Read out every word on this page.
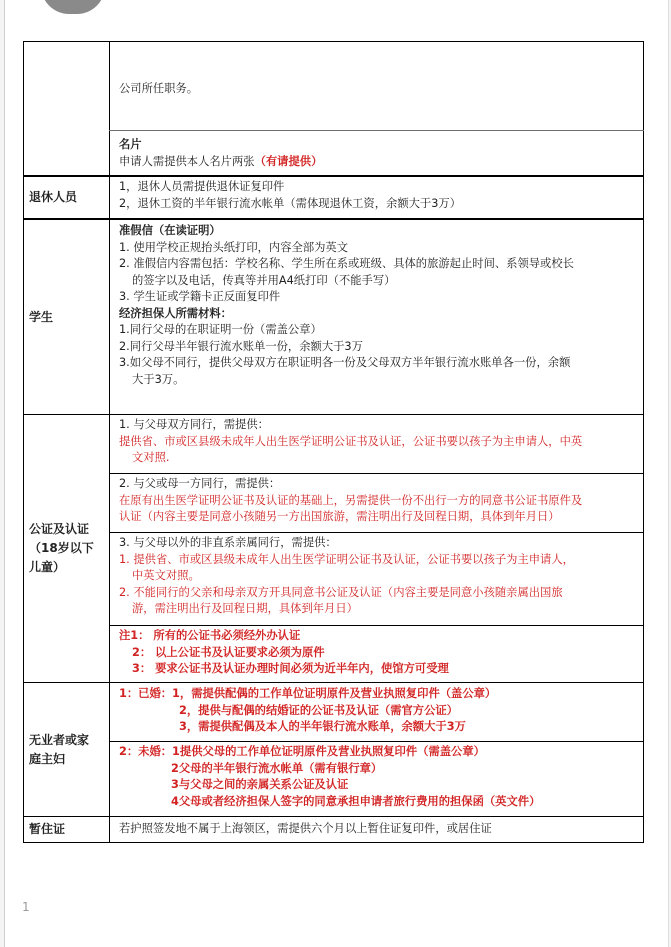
公司所任职务。
名片
申请人需提供本人名片两张（有请提供）
退休人员
1，退休人员需提供退休证复印件
2，退休工资的半年银行流水帐单（需体现退休工资，余额大于3万）
学生
准假信（在读证明）
1. 使用学校正规抬头纸打印，内容全部为英文
2. 准假信内容需包括：学校名称、学生所在系或班级、具体的旅游起止时间、系领导或校长
的签字以及电话，传真等并用A4纸打印（不能手写）
3. 学生证或学籍卡正反面复印件
经济担保人所需材料：
1.同行父母的在职证明一份（需盖公章）
2.同行父母半年银行流水账单一份，余额大于3万
3.如父母不同行，提供父母双方在职证明各一份及父母双方半年银行流水账单各一份，余额
大于3万。
公证及认证
（18岁以下
儿童）
1. 与父母双方同行，需提供：
提供省、市或区县级未成年人出生医学证明公证书及认证，公证书要以孩子为主申请人，中英
文对照.
2. 与父或母一方同行，需提供：
在原有出生医学证明公证书及认证的基础上，另需提供一份不出行一方的同意书公证书原件及
认证（内容主要是同意小孩随另一方出国旅游，需注明出行及回程日期，具体到年月日）
3. 与父母以外的非直系亲属同行，需提供：
1. 提供省、市或区县级未成年人出生医学证明公证书及认证，公证书要以孩子为主申请人，
中英文对照。
2. 不能同行的父亲和母亲双方开具同意书公证及认证（内容主要是同意小孩随亲属出国旅
游，需注明出行及回程日期，具体到年月日）
注1： 所有的公证书必须经外办认证
2： 以上公证书及认证要求必须为原件
3： 要求公证书及认证办理时间必须为近半年内，使馆方可受理
无业者或家
庭主妇
1：已婚：1，需提供配偶的工作单位证明原件及营业执照复印件（盖公章）
2，提供与配偶的结婚证的公证书及认证（需官方公证）
3，需提供配偶及本人的半年银行流水账单，余额大于3万
2：未婚：1提供父母的工作单位证明原件及营业执照复印件（需盖公章）
2父母的半年银行流水帐单（需有银行章）
3与父母之间的亲属关系公证及认证
4父母或者经济担保人签字的同意承担申请者旅行费用的担保函（英文件）
暂住证	若护照签发地不属于上海领区，需提供六个月以上暂住证复印件，或居住证
1
